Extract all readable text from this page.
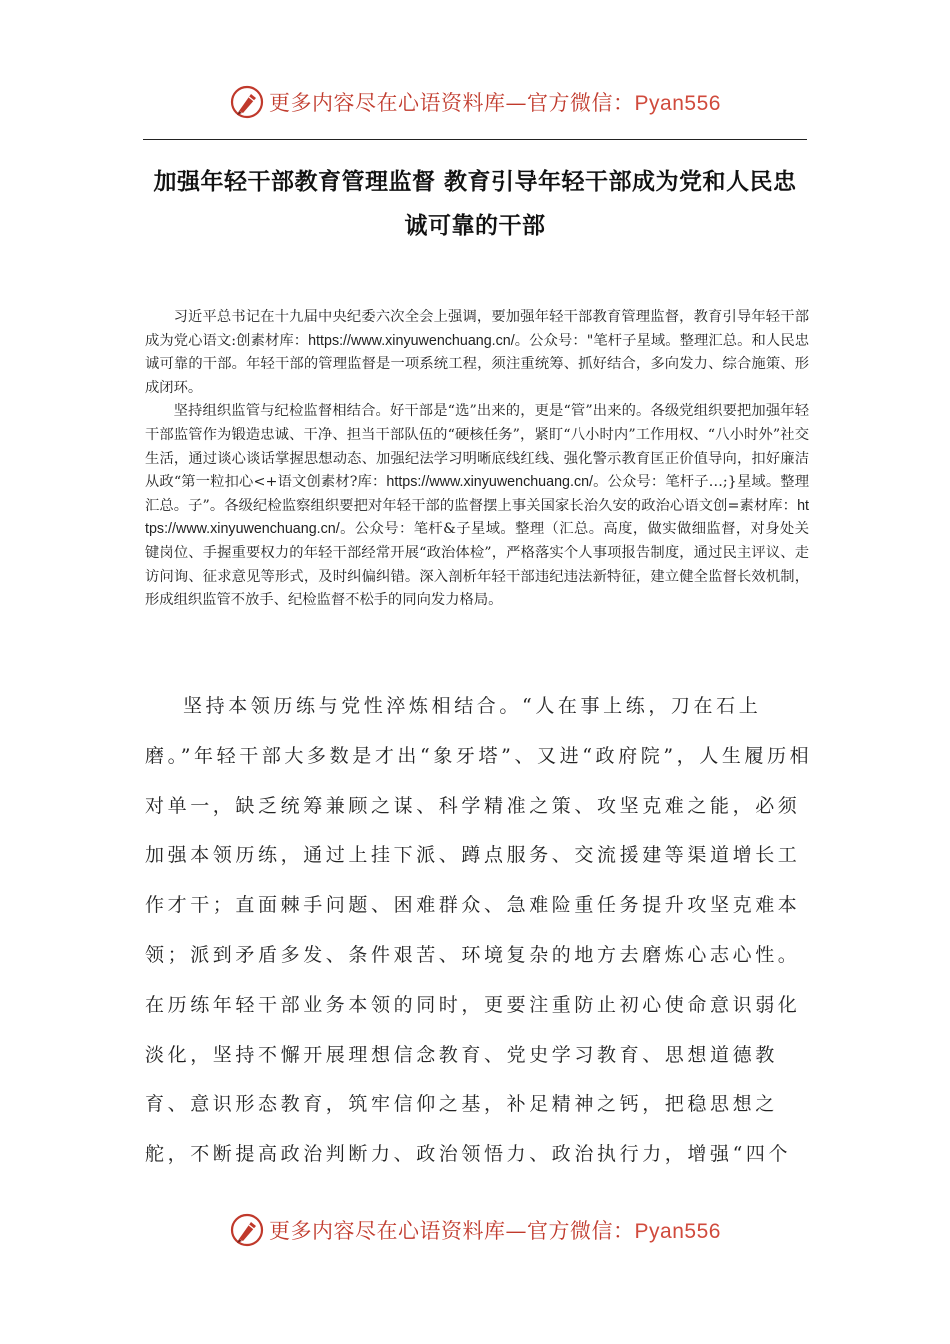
更多内容尽在心语资料库—官方微信：Pyan556
加强年轻干部教育管理监督 教育引导年轻干部成为党和人民忠诚可靠的干部

习近平总书记在十九届中央纪委六次全会上强调，要加强年轻干部教育管理监督，教育引导年轻干部成为党心语文:创素材库：https://www.xinyuwenchuang.cn/。公众号："笔杆子星域。整理汇总。和人民忠诚可靠的干部。年轻干部的管理监督是一项系统工程，须注重统筹、抓好结合，多向发力、综合施策、形成闭环。

坚持组织监管与纪检监督相结合。好干部是“选”出来的，更是“管”出来的。各级党组织要把加强年轻干部监管作为锻造忠诚、干净、担当干部队伍的“硬核任务”，紧盯“八小时内”工作用权、“八小时外”社交生活，通过谈心谈话掌握思想动态、加强纪法学习明晰底线红线、强化警示教育匡正价值导向，扣好廉洁从政“第一粒扣心<+语文创素材?库：https://www.xinyuwenchuang.cn/。公众号：笔杆子…;}星域。整理汇总。子”。各级纪检监察组织要把对年轻干部的监督摆上事关国家长治久安的政治心语文创=素材库：https://www.xinyuwenchuang.cn/。公众号：笔杆&子星域。整理（汇总。高度，做实做细监督，对身处关键岗位、手握重要权力的年轻干部经常开展“政治体检”，严格落实个人事项报告制度，通过民主评议、走访问询、征求意见等形式，及时纠偏纠错。深入剖析年轻干部违纪违法新特征，建立健全监督长效机制，形成组织监管不放手、纪检监督不松手的同向发力格局。

坚持本领历练与党性淬炼相结合。“人在事上练，刀在石上磨。”年轻干部大多数是才出“象牙塔”、又进“政府院”，人生履历相对单一，缺乏统筹兼顾之谋、科学精准之策、攻坚克难之能，必须加强本领历练，通过上挂下派、蹲点服务、交流援建等渠道增长工作才干；直面棘手问题、困难群众、急难险重任务提升攻坚克难本领；派到矛盾多发、条件艰苦、环境复杂的地方去磨炼心志心性。在历练年轻干部业务本领的同时，更要注重防止初心使命意识弱化淡化，坚持不懈开展理想信念教育、党史学习教育、思想道德教育、意识形态教育，筑牢信仰之基，补足精神之钙，把稳思想之舵，不断提高政治判断力、政治领悟力、政治执行力，增强“四个

更多内容尽在心语资料库—官方微信：Pyan556
